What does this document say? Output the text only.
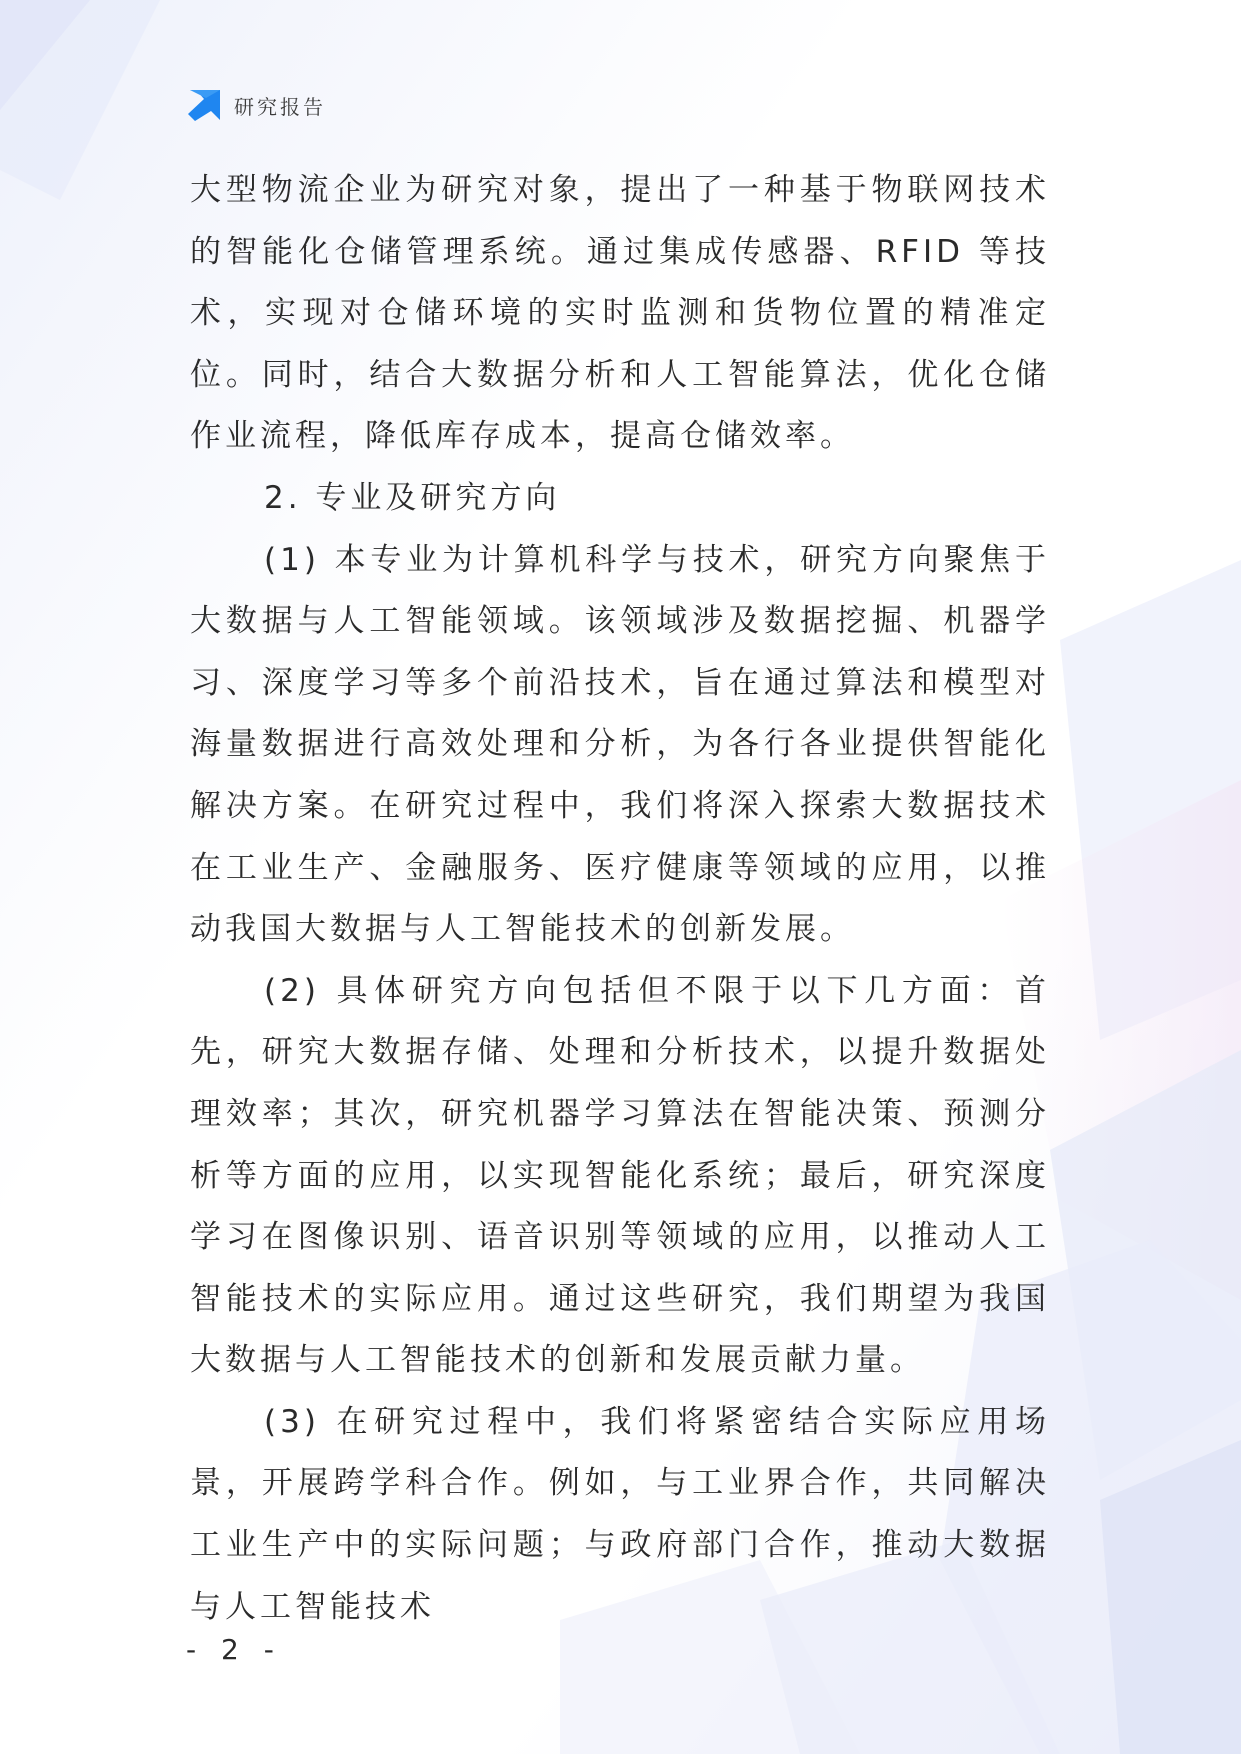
研究报告

大型物流企业为研究对象，提出了一种基于物联网技术的智能化仓储管理系统。通过集成传感器、RFID 等技术，实现对仓储环境的实时监测和货物位置的精准定位。同时，结合大数据分析和人工智能算法，优化仓储作业流程，降低库存成本，提高仓储效率。

2. 专业及研究方向

(1) 本专业为计算机科学与技术，研究方向聚焦于大数据与人工智能领域。该领域涉及数据挖掘、机器学习、深度学习等多个前沿技术，旨在通过算法和模型对海量数据进行高效处理和分析，为各行各业提供智能化解决方案。在研究过程中，我们将深入探索大数据技术在工业生产、金融服务、医疗健康等领域的应用，以推动我国大数据与人工智能技术的创新发展。

(2) 具体研究方向包括但不限于以下几方面：首先，研究大数据存储、处理和分析技术，以提升数据处理效率；其次，研究机器学习算法在智能决策、预测分析等方面的应用，以实现智能化系统；最后，研究深度学习在图像识别、语音识别等领域的应用，以推动人工智能技术的实际应用。通过这些研究，我们期望为我国大数据与人工智能技术的创新和发展贡献力量。

(3) 在研究过程中，我们将紧密结合实际应用场景，开展跨学科合作。例如，与工业界合作，共同解决工业生产中的实际问题；与政府部门合作，推动大数据与人工智能技术

- 2 -
